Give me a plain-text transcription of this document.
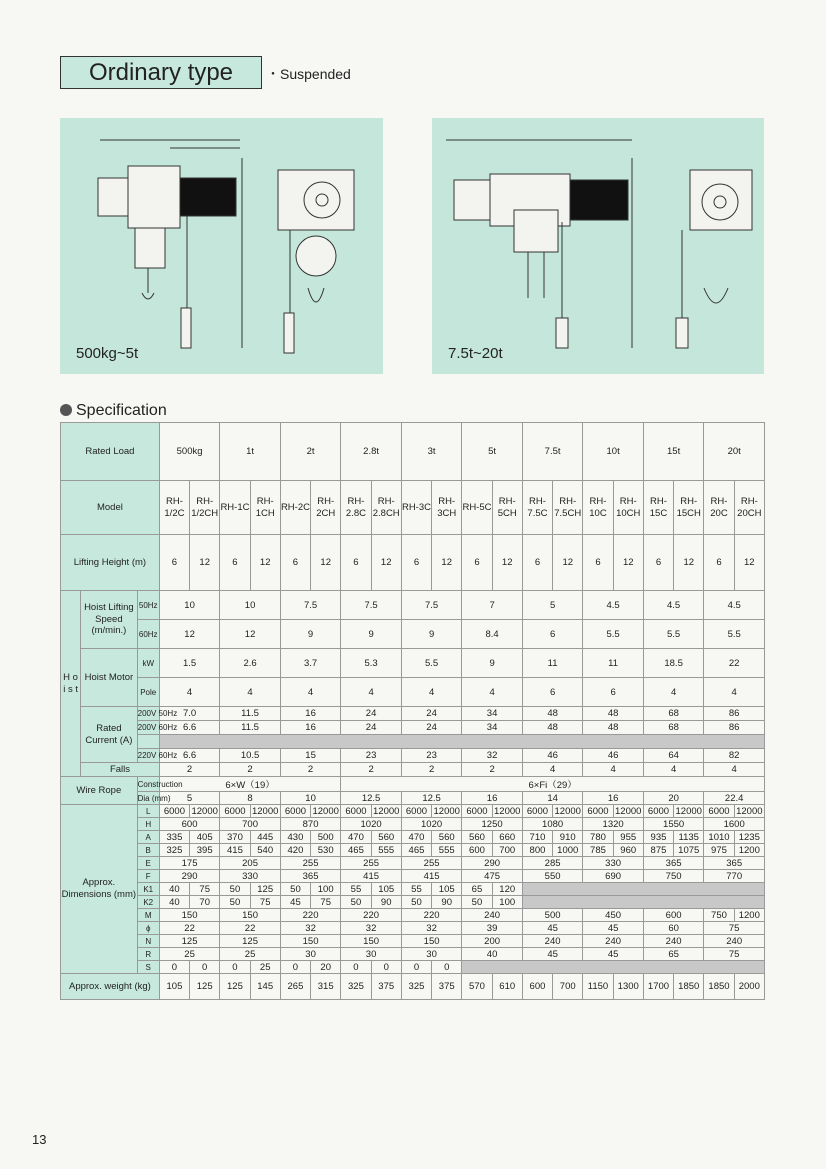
Ordinary type	・Suspended
500kg~5t	7.5t~20t
Specification
Rated Load			500kg		1t		2t		2.8t		3t		5t		7.5t		10t		15t		20t	
Model			RH-1/2C	RH-1/2CH	RH-1C	RH-1CH	RH-2C	RH-2CH	RH-2.8C	RH-2.8CH	RH-3C	RH-3CH	RH-5C	RH-5CH	RH-7.5C	RH-7.5CH	RH-10C	RH-10CH	RH-15C	RH-15CH	RH-20C	RH-20CH
Lifting Height (m)			6	12	6	12	6	12	6	12	6	12	6	12	6	12	6	12	6	12	6	12
H o i s t	Hoist Lifting Speed (m/min.)	50Hz	10		10		7.5		7.5		7.5		7		5		4.5		4.5		4.5	
		60Hz	12		12		9		9		9		8.4		6		5.5		5.5		5.5	
	Hoist Motor	kW	1.5		2.6		3.7		5.3		5.5		9		11		11		18.5		22	
		Pole	4		4		4		4		4		4		6		6		4		4	
	Rated Current (A)	200V 50Hz	7.0		11.5		16		24		24		34		48		48		68		86	
		200V 60Hz	6.6		11.5		16		24		24		34		48		48		68		86	

		220V 60Hz	6.6		10.5		15		23		23		32		46		46		64		82	
	Falls		2		2		2		2		2		2		4		4		4		4	
Wire Rope		Construction	6×W（19）						6×Fi（29）													
		Dia (mm)	5		8		10		12.5		12.5		16		14		16		20		22.4	
Approx. Dimensions (mm)		L	6000	12000	6000	12000	6000	12000	6000	12000	6000	12000	6000	12000	6000	12000	6000	12000	6000	12000	6000	12000
		H	600		700		870		1020		1020		1250		1080		1320		1550		1600	
		A	335	405	370	445	430	500	470	560	470	560	560	660	710	910	780	955	935	1135	1010	1235
		B	325	395	415	540	420	530	465	555	465	555	600	700	800	1000	785	960	875	1075	975	1200
		E	175		205		255		255		255		290		285		330		365		365	
		F	290		330		365		415		415		475		550		690		750		770	
		K1	40	75	50	125	50	100	55	105	55	105	65	120								
		K2	40	70	50	75	45	75	50	90	50	90	50	100								
		M	150		150		220		220		220		240		500		450		600		750	1200
		ϕ	22		22		32		32		32		39		45		45		60		75	
		N	125		125		150		150		150		200		240		240		240		240	
		R	25		25		30		30		30		40		45		45		65		75	
		S	0	0	0	25	0	20	0	0	0	0										
Approx. weight (kg)			105	125	125	145	265	315	325	375	325	375	570	610	600	700	1150	1300	1700	1850	1850	2000
13
